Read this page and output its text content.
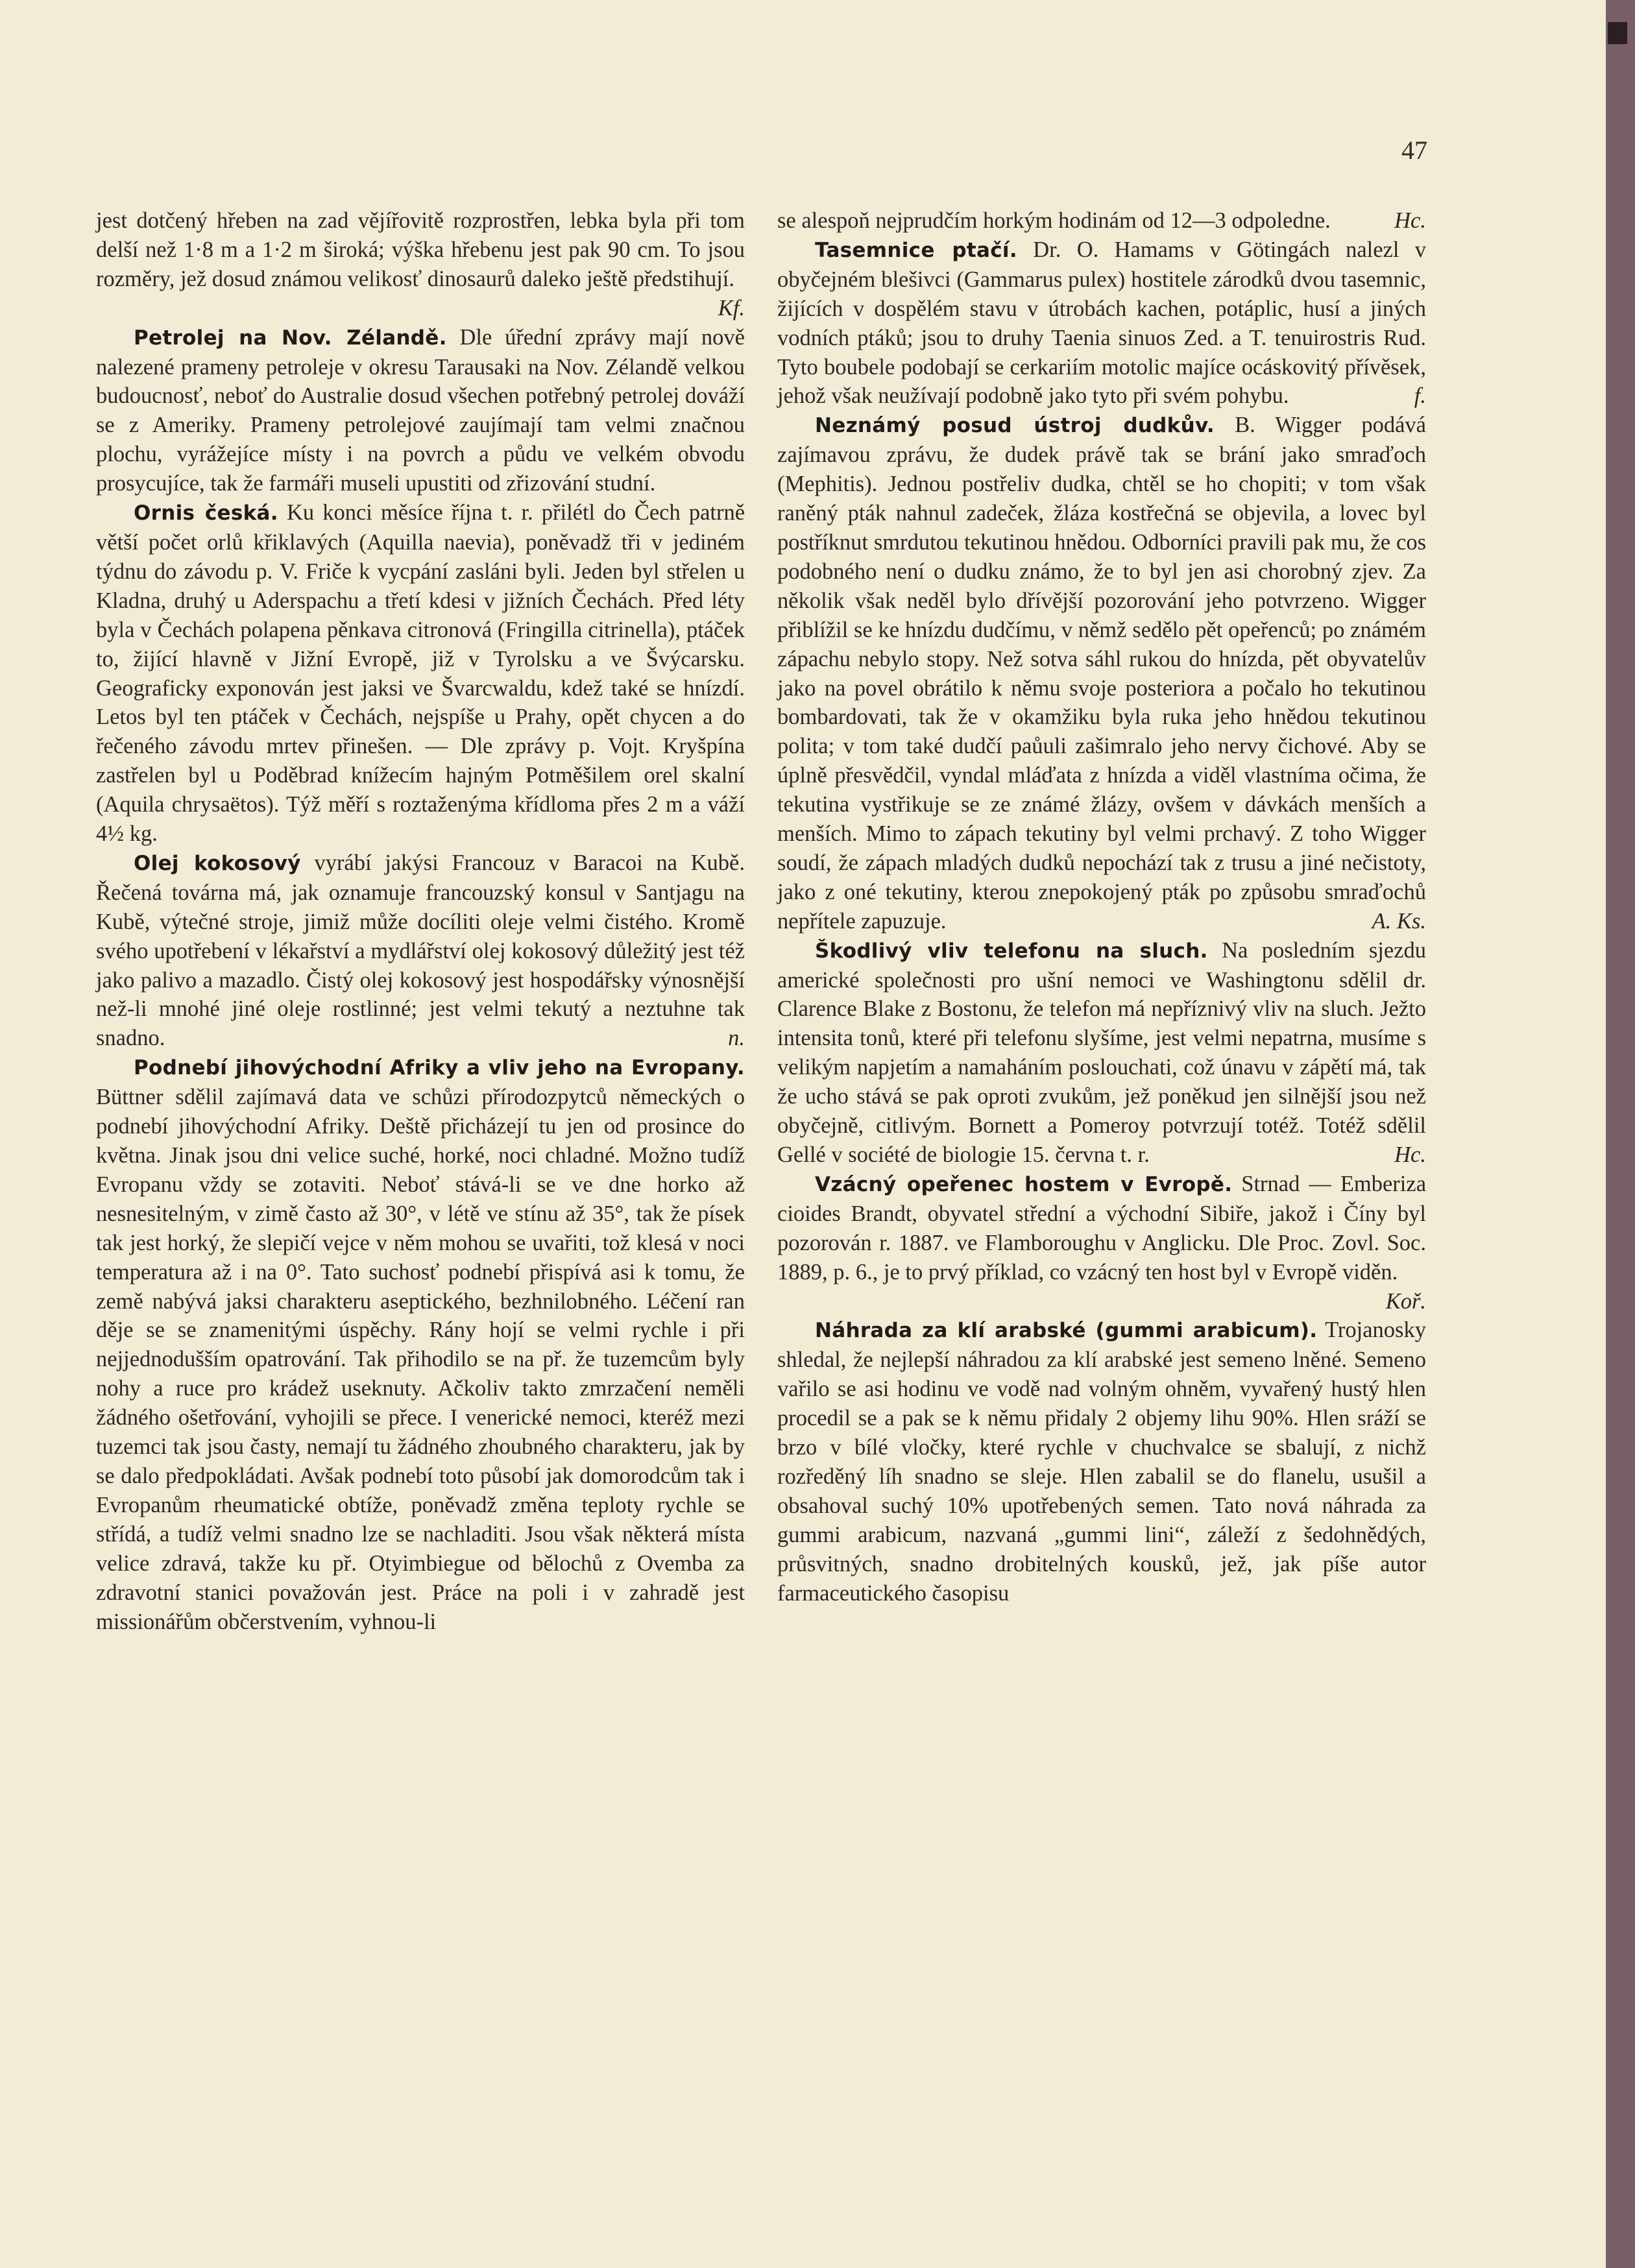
47

jest dotčený hřeben na zad vějířovitě rozprostřen, lebka byla při tom delší než 1·8 m a 1·2 m široká; výška hřebenu jest pak 90 cm. To jsou rozměry, jež dosud známou velikosť dinosaurů daleko ještě předstihují.
Kf.

Petrolej na Nov. Zélandě. Dle úřední zprávy mají nově nalezené prameny petroleje v okresu Tarausaki na Nov. Zélandě velkou budoucnosť, neboť do Australie dosud všechen potřebný petrolej dováží se z Ameriky. Prameny petrolejové zaujímají tam velmi značnou plochu, vyrážejíce místy i na povrch a půdu ve velkém obvodu prosycujíce, tak že farmáři museli upustiti od zřizování studní.

Ornis česká. Ku konci měsíce října t. r. přilétl do Čech patrně větší počet orlů křiklavých (Aquilla naevia), poněvadž tři v jediném týdnu do závodu p. V. Friče k vycpání zasláni byli. Jeden byl střelen u Kladna, druhý u Aderspachu a třetí kdesi v jižních Čechách. Před léty byla v Čechách polapena pěnkava citronová (Fringilla citrinella), ptáček to, žijící hlavně v Jižní Evropě, již v Tyrolsku a ve Švýcarsku. Geograficky exponován jest jaksi ve Švarcwaldu, kdež také se hnízdí. Letos byl ten ptáček v Čechách, nejspíše u Prahy, opět chycen a do řečeného závodu mrtev přinešen. — Dle zprávy p. Vojt. Kryšpína zastřelen byl u Poděbrad knížecím hajným Potměšilem orel skalní (Aquila chrysaëtos). Týž měří s roztaženýma křídloma přes 2 m a váží 4½ kg.

Olej kokosový vyrábí jakýsi Francouz v Baracoi na Kubě. Řečená továrna má, jak oznamuje francouzský konsul v Santjagu na Kubě, výtečné stroje, jimiž může docíliti oleje velmi čistého. Kromě svého upotřebení v lékařství a mydlářství olej kokosový důležitý jest též jako palivo a mazadlo. Čistý olej kokosový jest hospodářsky výnosnější než-li mnohé jiné oleje rostlinné; jest velmi tekutý a neztuhne tak snadno.	n.

Podnebí jihovýchodní Afriky a vliv jeho na Evropany. Büttner sdělil zajímavá data ve schůzi přírodozpytců německých o podnebí jihovýchodní Afriky. Deště přicházejí tu jen od prosince do května. Jinak jsou dni velice suché, horké, noci chladné. Možno tudíž Evropanu vždy se zotaviti. Neboť stává-li se ve dne horko až nesnesitelným, v zimě často až 30°, v létě ve stínu až 35°, tak že písek tak jest horký, že slepičí vejce v něm mohou se uvařiti, tož klesá v noci temperatura až i na 0°. Tato suchosť podnebí přispívá asi k tomu, že země nabývá jaksi charakteru aseptického, bezhnilobného. Léčení ran děje se se znamenitými úspěchy. Rány hojí se velmi rychle i při nejjednodušším opatrování. Tak přihodilo se na př. že tuzemcům byly nohy a ruce pro krádež useknuty. Ačkoliv takto zmrzačení neměli žádného ošetřování, vyhojili se přece. I venerické nemoci, kteréž mezi tuzemci tak jsou časty, nemají tu žádného zhoubného charakteru, jak by se dalo předpokládati. Avšak podnebí toto působí jak domorodcům tak i Evropanům rheumatické obtíže, poněvadž změna teploty rychle se střídá, a tudíž velmi snadno lze se nachladiti. Jsou však některá místa velice zdravá, takže ku př. Otyimbiegue od bělochů z Ovemba za zdravotní stanici považován jest. Práce na poli i v zahradě jest missionářům občerstvením, vyhnou-li

se alespoň nejprudčím horkým hodinám od 12—3 odpoledne.	Hc.

Tasemnice ptačí. Dr. O. Hamams v Götingách nalezl v obyčejném blešivci (Gammarus pulex) hostitele zárodků dvou tasemnic, žijících v dospělém stavu v útrobách kachen, potáplic, husí a jiných vodních ptáků; jsou to druhy Taenia sinuos Zed. a T. tenuirostris Rud. Tyto boubele podobají se cerkariím motolic majíce ocáskovitý přívěsek, jehož však neužívají podobně jako tyto při svém pohybu.	f.

Neznámý posud ústroj dudkův. B. Wigger podává zajímavou zprávu, že dudek právě tak se brání jako smraďoch (Mephitis). Jednou postřeliv dudka, chtěl se ho chopiti; v tom však raněný pták nahnul zadeček, žláza kostřečná se objevila, a lovec byl postříknut smrdutou tekutinou hnědou. Odborníci pravili pak mu, že cos podobného není o dudku známo, že to byl jen asi chorobný zjev. Za několik však neděl bylo dřívější pozorování jeho potvrzeno. Wigger přiblížil se ke hnízdu dudčímu, v němž sedělo pět opeřenců; po známém zápachu nebylo stopy. Než sotva sáhl rukou do hnízda, pět obyvatelův jako na povel obrátilo k němu svoje posteriora a počalo ho tekutinou bombardovati, tak že v okamžiku byla ruka jeho hnědou tekutinou polita; v tom také dudčí paůuli zašimralo jeho nervy čichové. Aby se úplně přesvědčil, vyndal mláďata z hnízda a viděl vlastníma očima, že tekutina vystřikuje se ze známé žlázy, ovšem v dávkách menších a menších. Mimo to zápach tekutiny byl velmi prchavý. Z toho Wigger soudí, že zápach mladých dudků nepochází tak z trusu a jiné nečistoty, jako z oné tekutiny, kterou znepokojený pták po způsobu smraďochů nepřítele zapuzuje.	A. Ks.

Škodlivý vliv telefonu na sluch. Na posledním sjezdu americké společnosti pro ušní nemoci ve Washingtonu sdělil dr. Clarence Blake z Bostonu, že telefon má nepříznivý vliv na sluch. Ježto intensita tonů, které při telefonu slyšíme, jest velmi nepatrna, musíme s velikým napjetím a namaháním poslouchati, což únavu v zápětí má, tak že ucho stává se pak oproti zvukům, jež poněkud jen silnější jsou než obyčejně, citlivým. Bornett a Pomeroy potvrzují totéž. Totéž sdělil Gellé v société de biologie 15. června t. r.	Hc.

Vzácný opeřenec hostem v Evropě. Strnad — Emberiza cioides Brandt, obyvatel střední a východní Sibiře, jakož i Číny byl pozorován r. 1887. ve Flamboroughu v Anglicku. Dle Proc. Zovl. Soc. 1889, p. 6., je to prvý příklad, co vzácný ten host byl v Evropě viděn.
Koř.

Náhrada za klí arabské (gummi arabicum). Trojanosky shledal, že nejlepší náhradou za klí arabské jest semeno lněné. Semeno vařilo se asi hodinu ve vodě nad volným ohněm, vyvařený hustý hlen procedil se a pak se k němu přidaly 2 objemy lihu 90%. Hlen sráží se brzo v bílé vločky, které rychle v chuchvalce se sbalují, z nichž rozředěný líh snadno se sleje. Hlen zabalil se do flanelu, usušil a obsahoval suchý 10% upotřebených semen. Tato nová náhrada za gummi arabicum, nazvaná „gummi lini“, záleží z šedohnědých, průsvitných, snadno drobitelných kousků, jež, jak píše autor farmaceutického časopisu
